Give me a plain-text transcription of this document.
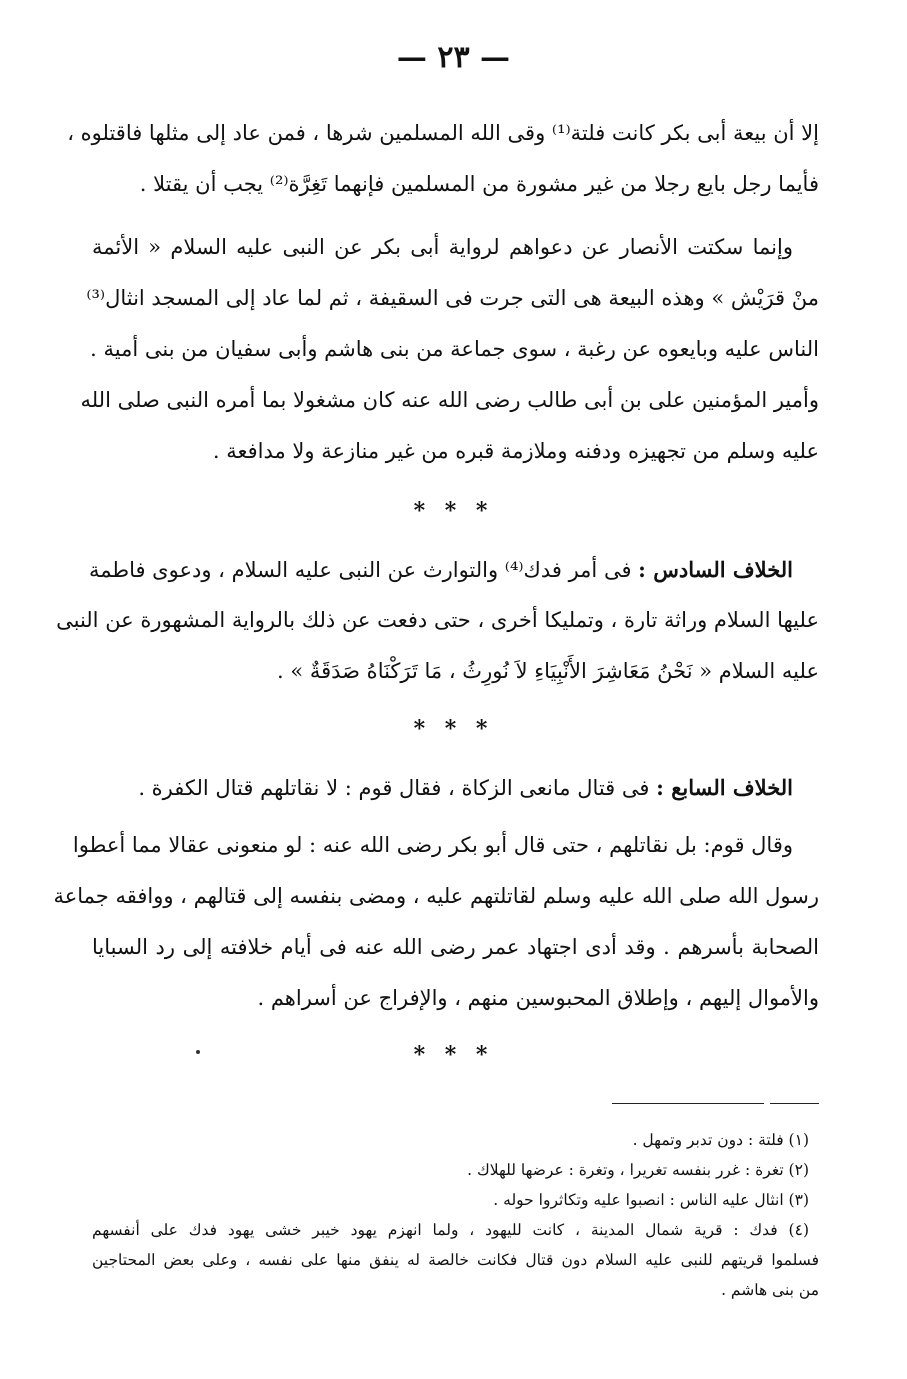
— ٢٣ —
إلا أن بيعة أبى بكر كانت فلتة⁽¹⁾ وقى الله المسلمين شرها ، فمن عاد إلى مثلها فاقتلوه ،
فأيما رجل بايع رجلا من غير مشورة من المسلمين فإنهما تَغِرَّة⁽²⁾ يجب أن يقتلا .
وإنما سكتت الأنصار عن دعواهم لرواية أبى بكر عن النبى عليه السلام « الأئمة
منْ قرَيْش » وهذه البيعة هى التى جرت فى السقيفة ، ثم لما عاد إلى المسجد انثال⁽³⁾
الناس عليه وبايعوه عن رغبة ، سوى جماعة من بنى هاشم وأبى سفيان من بنى أمية .
وأمير المؤمنين على بن أبى طالب رضى الله عنه كان مشغولا بما أمره النبى صلى الله
عليه وسلم من تجهيزه ودفنه وملازمة قبره من غير منازعة ولا مدافعة .
* * *
الخلاف السادس : فى أمر فدك⁽⁴⁾ والتوارث عن النبى عليه السلام ، ودعوى فاطمة
عليها السلام وراثة تارة ، وتمليكا أخرى ، حتى دفعت عن ذلك بالرواية المشهورة عن النبى
عليه السلام « نَحْنُ مَعَاشِرَ الأَنْبِيَاءِ لاَ نُورِثُ ، مَا تَرَكْنَاهُ صَدَقَةٌ » .
* * *
الخلاف السابع : فى قتال مانعى الزكاة ، فقال قوم : لا نقاتلهم قتال الكفرة .
وقال قوم: بل نقاتلهم ، حتى قال أبو بكر رضى الله عنه : لو منعونى عقالا مما أعطوا
رسول الله صلى الله عليه وسلم لقاتلتهم عليه ، ومضى بنفسه إلى قتالهم ، ووافقه جماعة
الصحابة بأسرهم . وقد أدى اجتهاد عمر رضى الله عنه فى أيام خلافته إلى رد السبايا
والأموال إليهم ، وإطلاق المحبوسين منهم ، والإفراج عن أسراهم .
* * *
(١) فلتة : دون تدبر وتمهل .
(٢) تغرة : غرر بنفسه تغريرا ، وتغرة : عرضها للهلاك .
(٣) انثال عليه الناس : انصبوا عليه وتكاثروا حوله .
(٤) فدك : قرية شمال المدينة ، كانت لليهود ، ولما انهزم يهود خيبر خشى يهود فدك على أنفسهم
فسلموا قريتهم للنبى عليه السلام دون قتال فكانت خالصة له ينفق منها على نفسه ، وعلى بعض المحتاجين
من بنى هاشم .
